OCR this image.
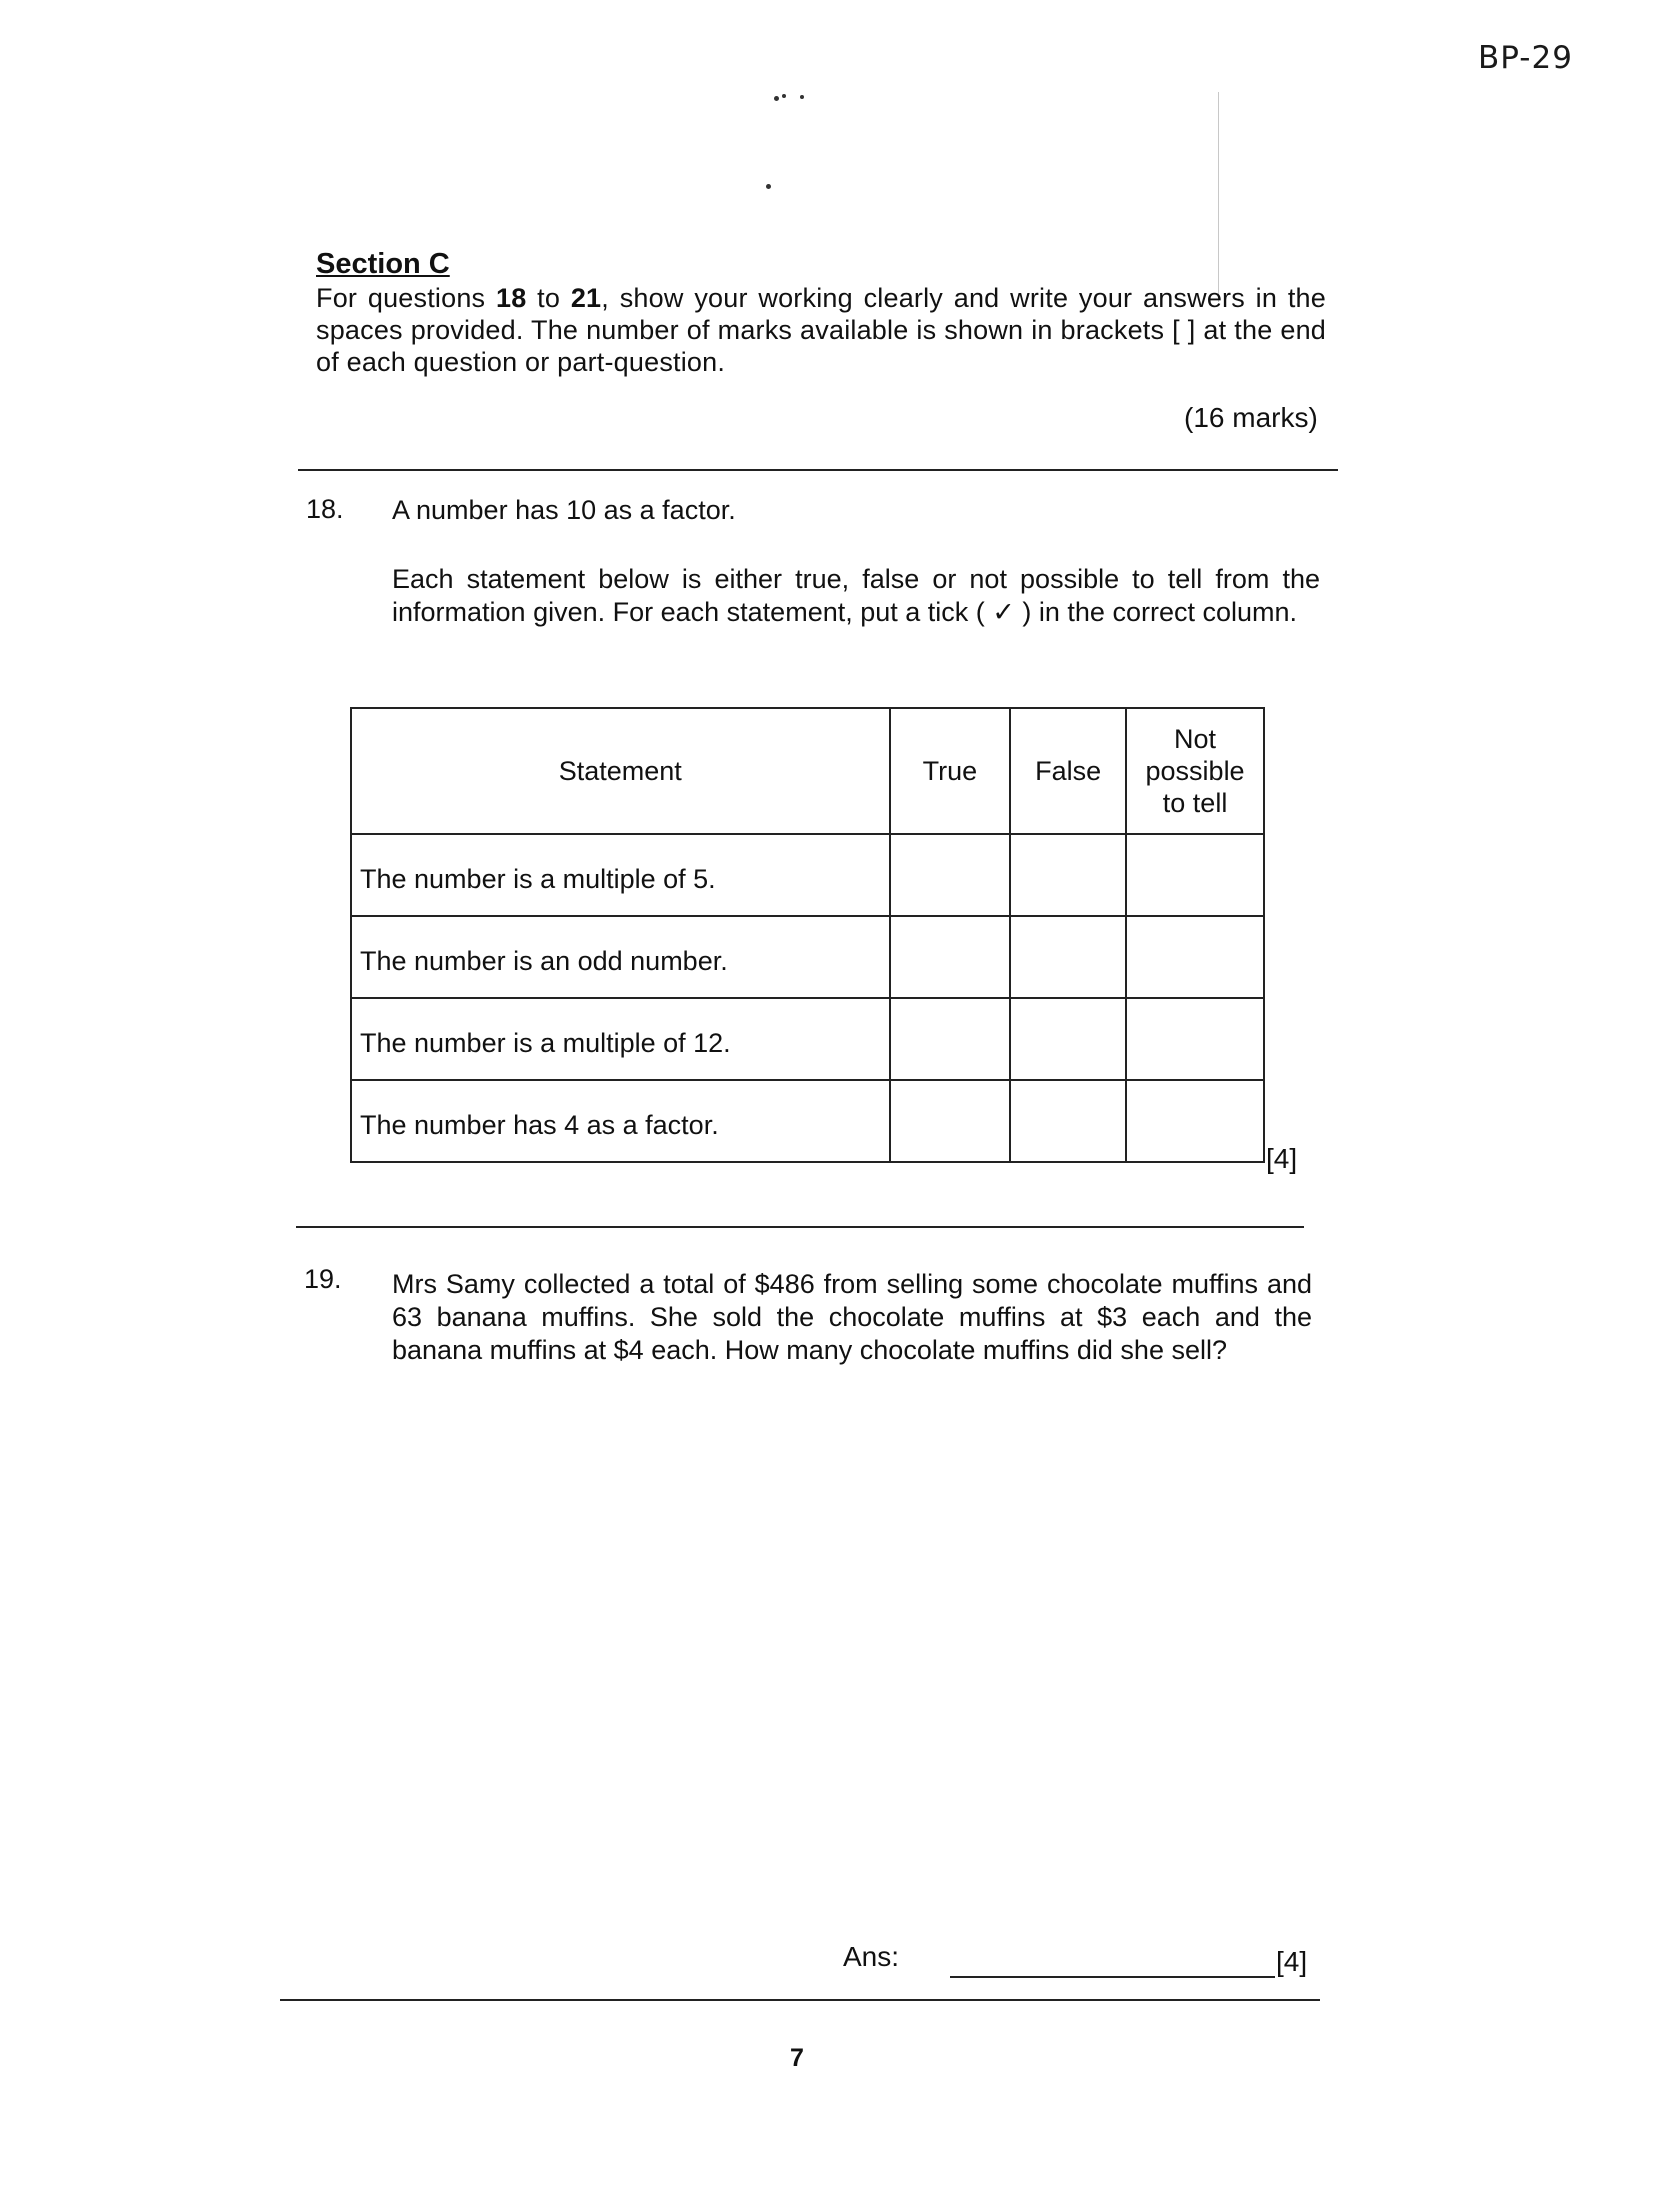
BP-29
Section C
For questions 18 to 21, show your working clearly and write your answers in the spaces provided. The number of marks available is shown in brackets [ ] at the end of each question or part-question.
(16 marks)
18. A number has 10 as a factor.
Each statement below is either true, false or not possible to tell from the information given. For each statement, put a tick ( ✓ ) in the correct column.
Statement	True	False	Not
possible
to tell
The number is a multiple of 5.			
The number is an odd number.			
The number is a multiple of 12.			
The number has 4 as a factor.			
[4]
19. Mrs Samy collected a total of $486 from selling some chocolate muffins and 63 banana muffins. She sold the chocolate muffins at $3 each and the banana muffins at $4 each. How many chocolate muffins did she sell?
Ans:	[4]
7
